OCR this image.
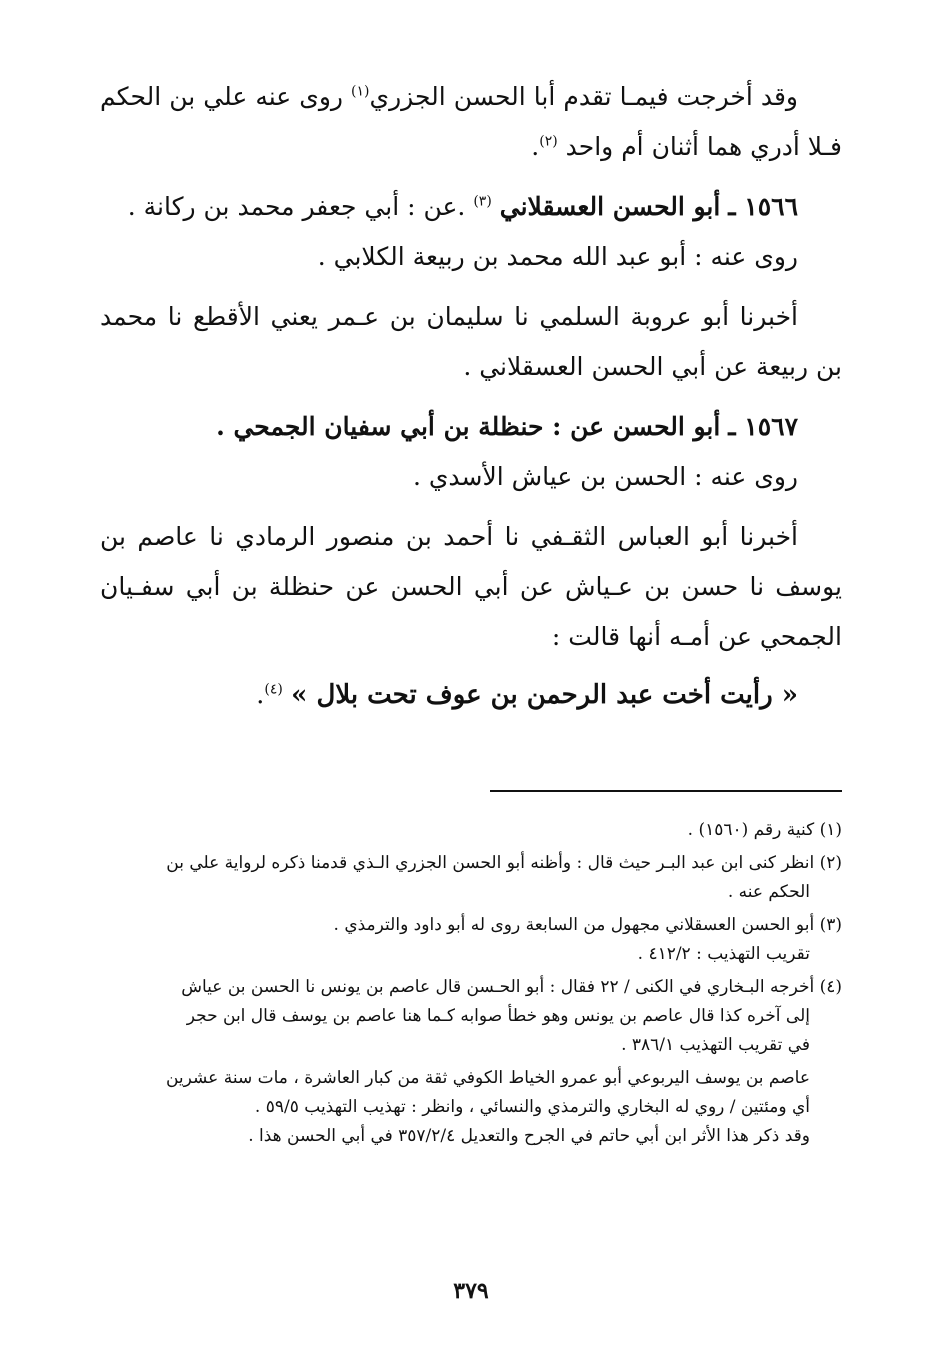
وقد أخرجت فيمـا تقدم أبا الحسن الجزري$^{(١)}$ روى عنه علي بن الحكم فـلا أدري هما أثنان أم واحد $^{(٢)}$.

١٥٦٦ ـ أبو الحسن العسقلاني $^{(٣)}$ .عن : أبي جعفر محمد بن ركانة .

روى عنه : أبو عبد الله محمد بن ربيعة الكلابي .

أخبرنا أبو عروبة السلمي نا سليمان بن عـمر يعني الأقطع نا محمد بن ربيعة عن أبي الحسن العسقلاني .

١٥٦٧ ـ أبو الحسن عن : حنظلة بن أبي سفيان الجمحي .

روى عنه : الحسن بن عياش الأسدي .

أخبرنا أبو العباس الثقـفي نا أحمد بن منصور الرمادي نا عاصم بن يوسف نا حسن بن عـياش عن أبي الحسن عن حنظلة بن أبي سفـيان الجمحي عن أمـه أنها قالت :

« رأيت أخت عبد الرحمن بن عوف تحت بلال » $^{(٤)}$.

(١) كنية رقم (١٥٦٠) .

(٢) انظر كنى ابن عبد البـر حيث قال : وأظنه أبو الحسن الجزري الـذي قدمنا ذكره لرواية علي بن

الحكم عنه .

(٣) أبو الحسن العسقلاني مجهول من السابعة روى له أبو داود والترمذي .

تقريب التهذيب : ٤١٢/٢ .

(٤) أخرجه البـخاري في الكنى / ٢٢ فقال : أبو الحـسن قال عاصم بن يونس نا الحسن بن عياش

إلى آخره كذا قال عاصم بن يونس وهو خطأ صوابه كـما هنا عاصم بن يوسف قال ابن حجر

في تقريب التهذيب ٣٨٦/١ .

عاصم بن يوسف اليربوعي أبو عمرو الخياط الكوفي ثقة من كبار العاشرة ، مات سنة عشرين

أي ومئتين / روي له البخاري والترمذي والنسائي ، وانظر : تهذيب التهذيب ٥٩/٥ .

وقد ذكر هذا الأثر ابن أبي حاتم في الجرح والتعديل ٣٥٧/٢/٤ في أبي الحسن هذا .

٣٧٩
